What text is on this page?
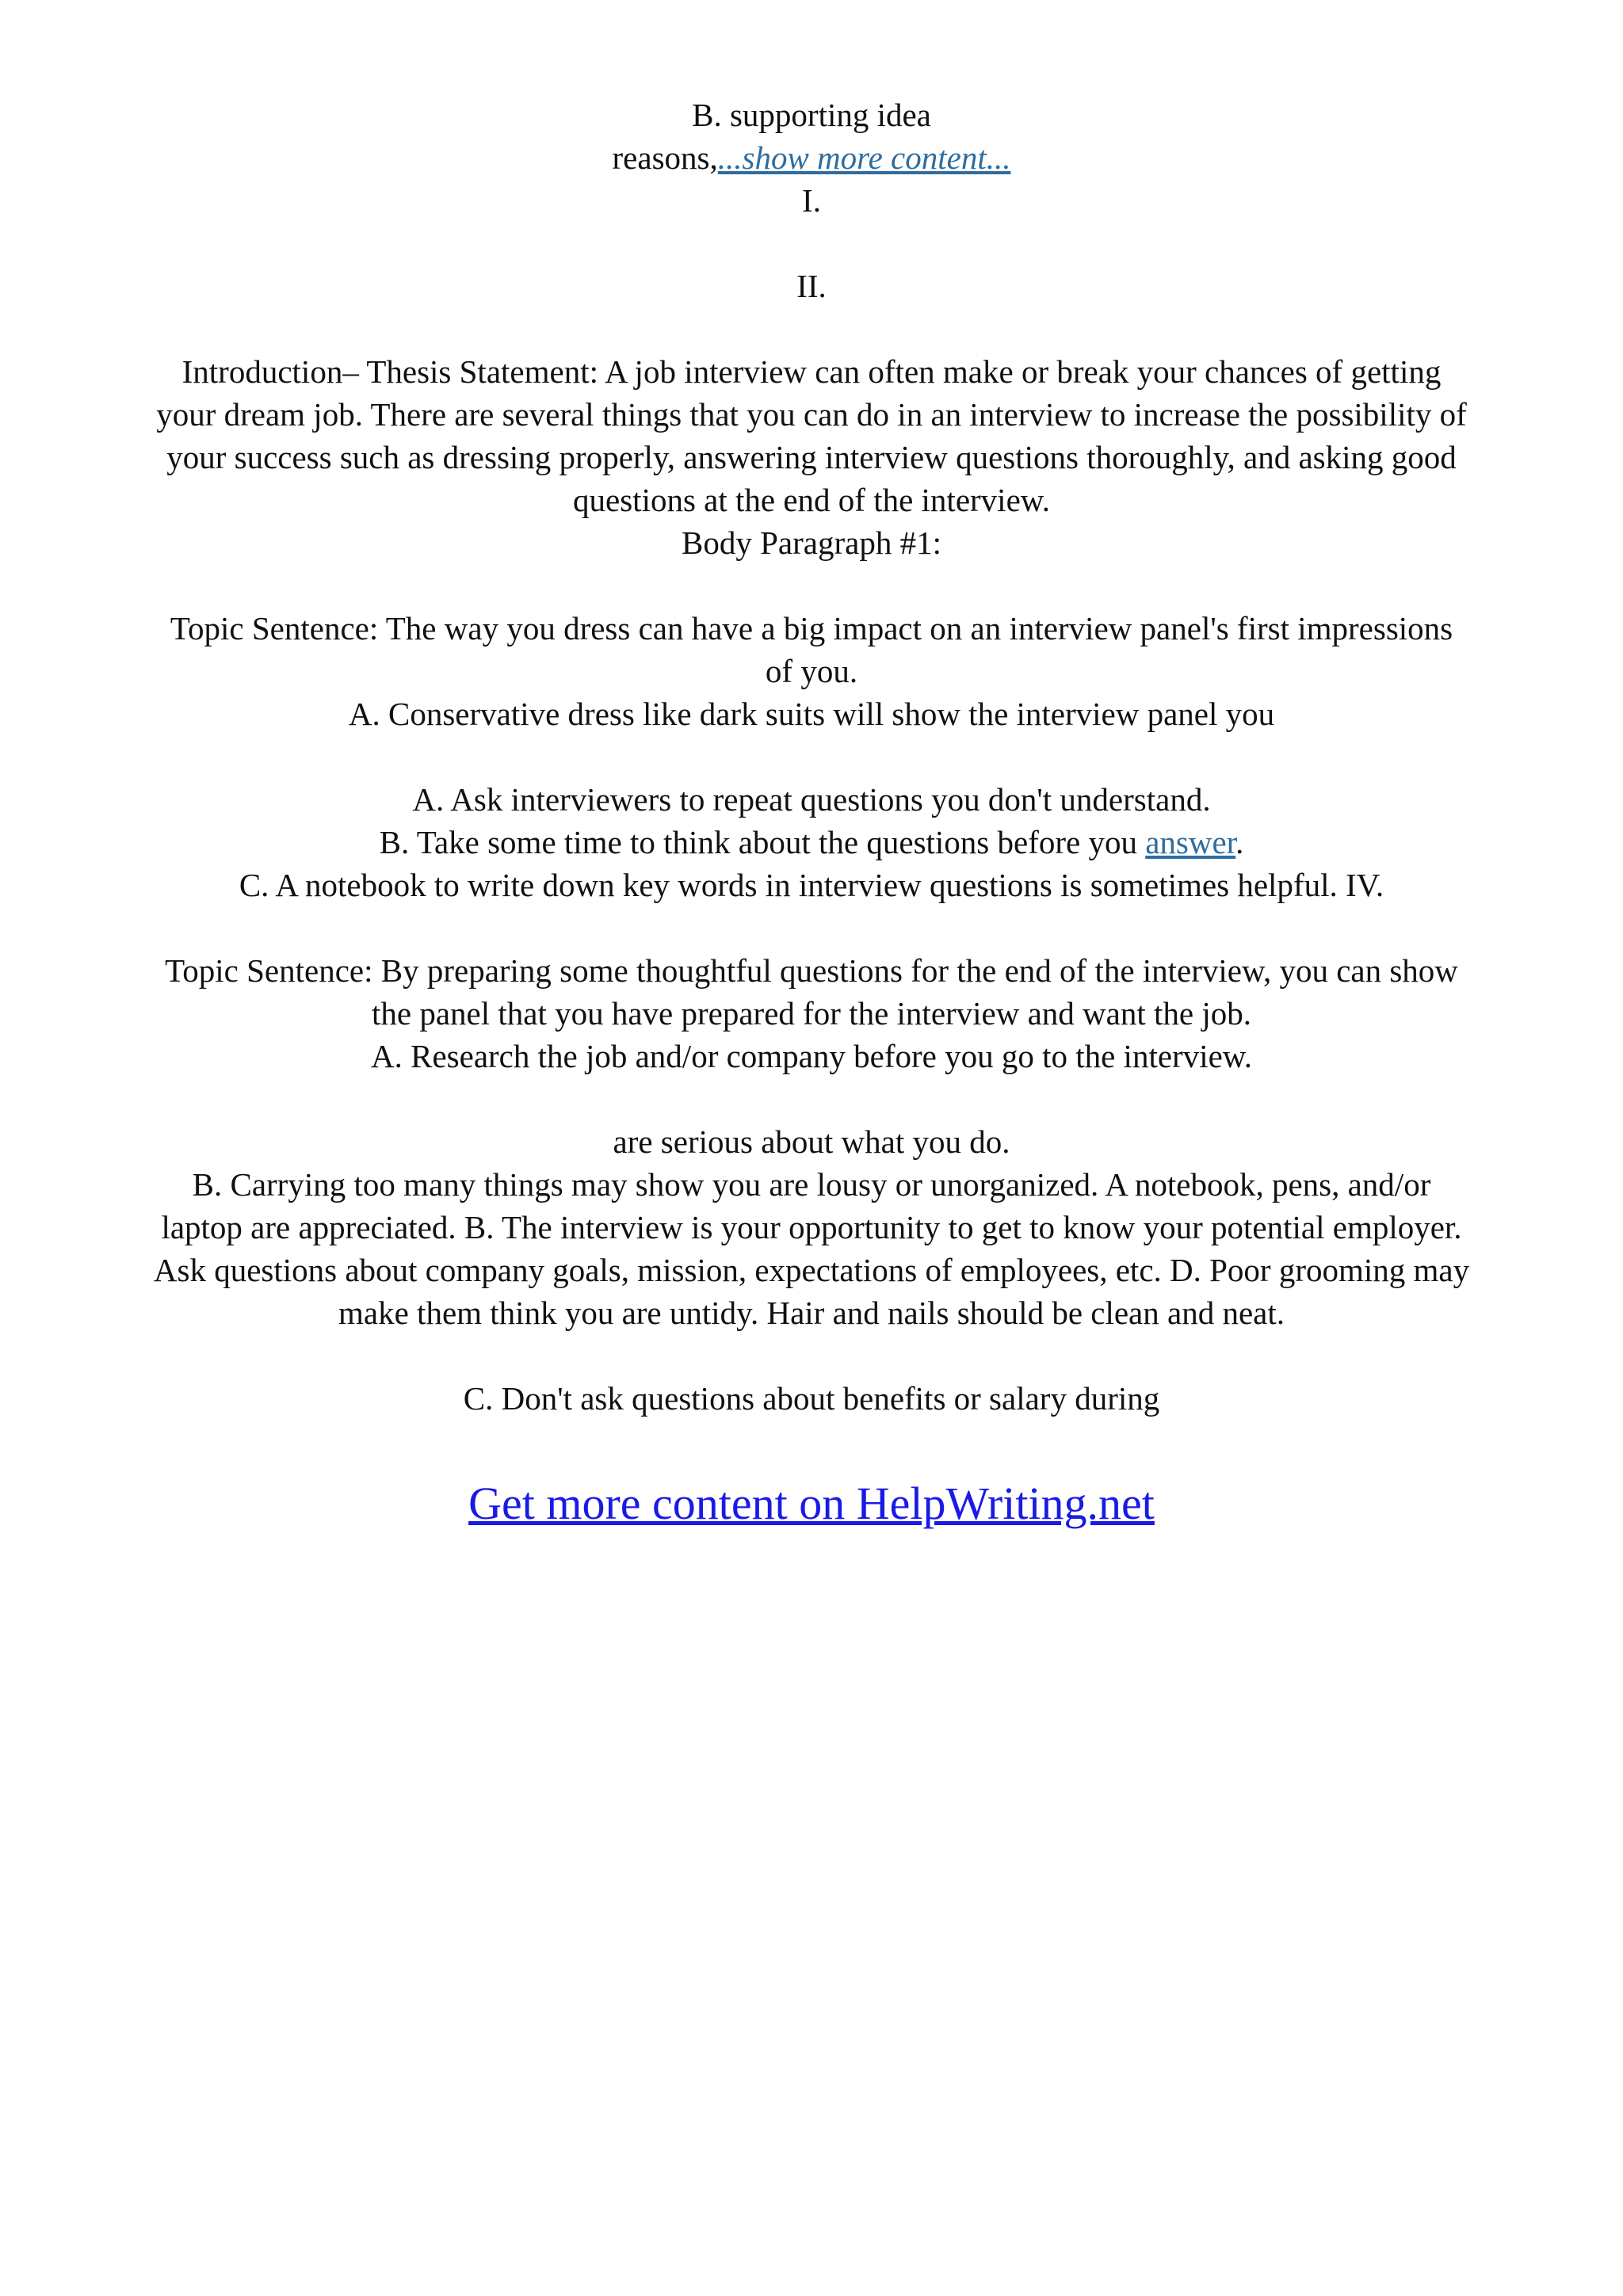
B. supporting idea
reasons,...show more content...
I.
II.
Introduction– Thesis Statement: A job interview can often make or break your chances of getting
your dream job. There are several things that you can do in an interview to increase the possibility of
your success such as dressing properly, answering interview questions thoroughly, and asking good
questions at the end of the interview.
Body Paragraph #1:
Topic Sentence: The way you dress can have a big impact on an interview panel's first impressions
of you.
A. Conservative dress like dark suits will show the interview panel you
A. Ask interviewers to repeat questions you don't understand.
B. Take some time to think about the questions before you answer.
C. A notebook to write down key words in interview questions is sometimes helpful. IV.
Topic Sentence: By preparing some thoughtful questions for the end of the interview, you can show
the panel that you have prepared for the interview and want the job.
A. Research the job and/or company before you go to the interview.
are serious about what you do.
B. Carrying too many things may show you are lousy or unorganized. A notebook, pens, and/or
laptop are appreciated. B. The interview is your opportunity to get to know your potential employer.
Ask questions about company goals, mission, expectations of employees, etc. D. Poor grooming may
make them think you are untidy. Hair and nails should be clean and neat.
C. Don't ask questions about benefits or salary during
Get more content on HelpWriting.net
